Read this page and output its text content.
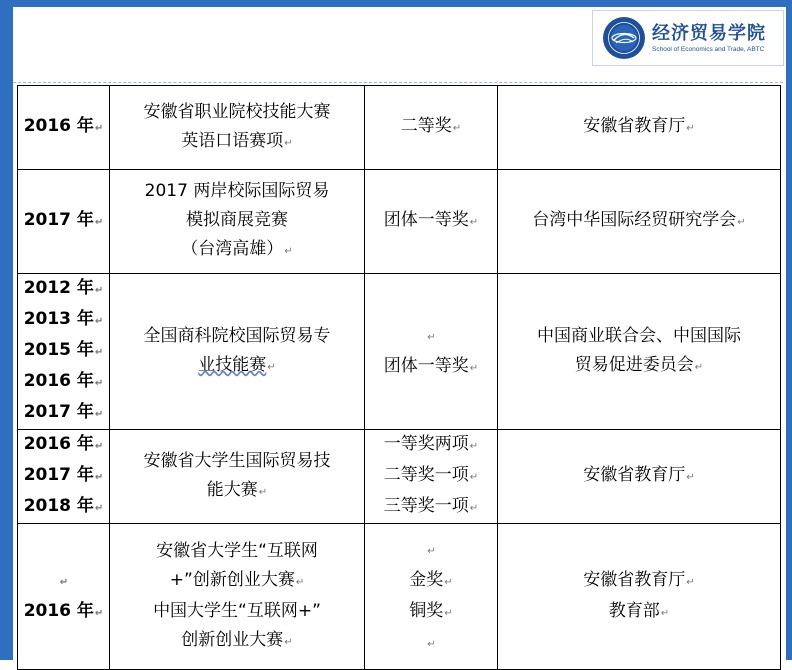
经济贸易学院
School of Economics and Trade, ABTC
2016 年↵	安徽省职业院校技能大赛
英语口语赛项↵	二等奖↵	安徽省教育厅↵

2017 年↵	2017 两岸校际国际贸易
模拟商展竞赛
（台湾高雄）↵	团体一等奖↵	台湾中华国际经贸研究学会↵

2012 年↵
2013 年↵
2015 年↵
2016 年↵
2017 年↵	全国商科院校国际贸易专
业技能赛↵	↵
团体一等奖↵	中国商业联合会、中国国际
贸易促进委员会↵

2016 年↵
2017 年↵
2018 年↵	安徽省大学生国际贸易技
能大赛↵	一等奖两项↵
二等奖一项↵
三等奖一项↵	安徽省教育厅↵

↵
2016 年↵	安徽省大学生“互联网
+”创新创业大赛↵
中国大学生“互联网+”
创新创业大赛↵	↵
金奖↵
铜奖↵
↵	安徽省教育厅↵
教育部↵
